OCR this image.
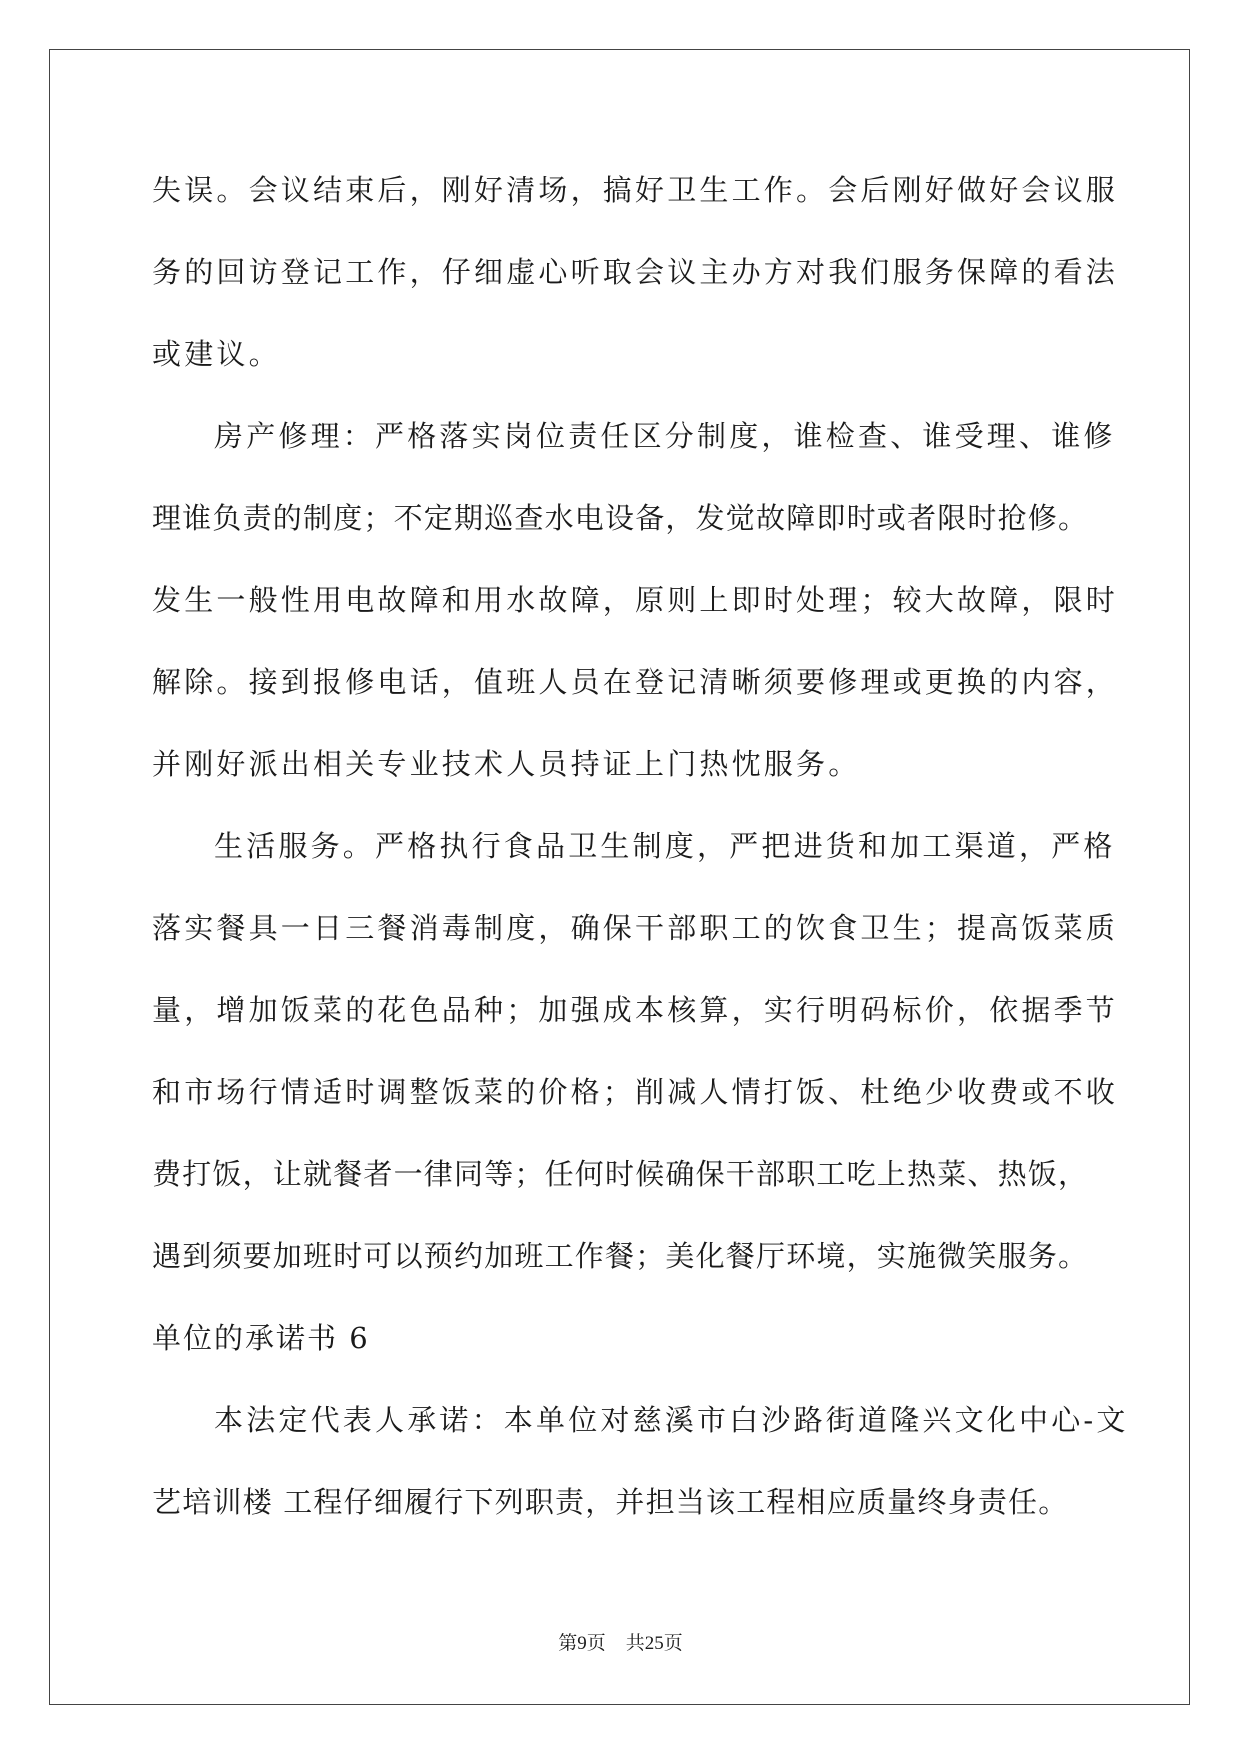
失误。会议结束后，刚好清场，搞好卫生工作。会后刚好做好会议服
务的回访登记工作，仔细虚心听取会议主办方对我们服务保障的看法
或建议。
房产修理：严格落实岗位责任区分制度，谁检查、谁受理、谁修
理谁负责的制度；不定期巡查水电设备，发觉故障即时或者限时抢修。
发生一般性用电故障和用水故障，原则上即时处理；较大故障，限时
解除。接到报修电话，值班人员在登记清晰须要修理或更换的内容，
并刚好派出相关专业技术人员持证上门热忱服务。
生活服务。严格执行食品卫生制度，严把进货和加工渠道，严格
落实餐具一日三餐消毒制度，确保干部职工的饮食卫生；提高饭菜质
量，增加饭菜的花色品种；加强成本核算，实行明码标价，依据季节
和市场行情适时调整饭菜的价格；削减人情打饭、杜绝少收费或不收
费打饭，让就餐者一律同等；任何时候确保干部职工吃上热菜、热饭，
遇到须要加班时可以预约加班工作餐；美化餐厅环境，实施微笑服务。
单位的承诺书 6
本法定代表人承诺：本单位对慈溪市白沙路街道隆兴文化中心-文
艺培训楼 工程仔细履行下列职责，并担当该工程相应质量终身责任。
第9页 共25页
